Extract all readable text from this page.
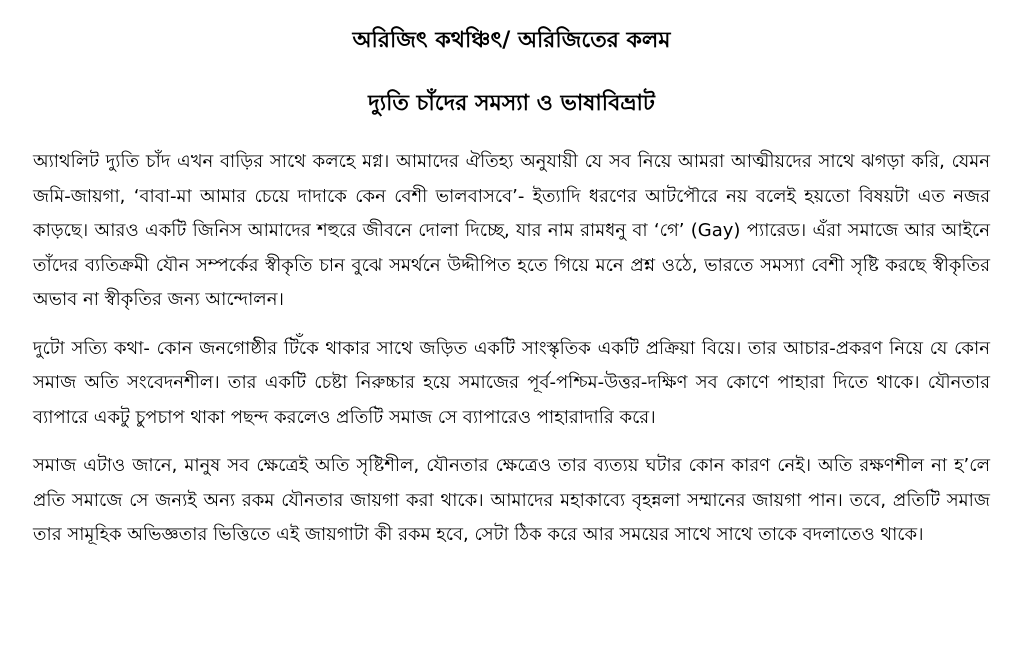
অরিজিৎ কথঞ্চিৎ/ অরিজিতের কলম
দ্যুতি চাঁদের সমস্যা ও ভাষাবিভ্রাট

অ্যাথলিট দ্যুতি চাঁদ এখন বাড়ির সাথে কলহে মগ্ন। আমাদের ঐতিহ্য অনুযায়ী যে সব নিয়ে আমরা আত্মীয়দের সাথে ঝগড়া করি, যেমন জমি-জায়গা, ‘বাবা-মা আমার চেয়ে দাদাকে কেন বেশী ভালবাসবে’- ইত্যাদি ধরণের আটপৌরে নয় বলেই হয়তো বিষয়টা এত নজর কাড়ছে। আরও একটি জিনিস আমাদের শহুরে জীবনে দোলা দিচ্ছে, যার নাম রামধনু বা ‘গে’ (Gay) প্যারেড। এঁরা সমাজে আর আইনে তাঁদের ব্যতিক্রমী যৌন সম্পর্কের স্বীকৃতি চান বুঝে সমর্থনে উদ্দীপিত হতে গিয়ে মনে প্রশ্ন ওঠে, ভারতে সমস্যা বেশী সৃষ্টি করছে স্বীকৃতির অভাব না স্বীকৃতির জন্য আন্দোলন।

দুটো সত্যি কথা- কোন জনগোষ্ঠীর টিঁকে থাকার সাথে জড়িত একটি সাংস্কৃতিক একটি প্রক্রিয়া বিয়ে। তার আচার-প্রকরণ নিয়ে যে কোন সমাজ অতি সংবেদনশীল। তার একটি চেষ্টা নিরুচ্চার হয়ে সমাজের পূর্ব-পশ্চিম-উত্তর-দক্ষিণ সব কোণে পাহারা দিতে থাকে। যৌনতার ব্যাপারে একটু চুপচাপ থাকা পছন্দ করলেও প্রতিটি সমাজ সে ব্যাপারেও পাহারাদারি করে।

সমাজ এটাও জানে, মানুষ সব ক্ষেত্রেই অতি সৃষ্টিশীল, যৌনতার ক্ষেত্রেও তার ব্যত্যয় ঘটার কোন কারণ নেই। অতি রক্ষণশীল না হ’লে প্রতি সমাজে সে জন্যই অন্য রকম যৌনতার জায়গা করা থাকে। আমাদের মহাকাব্যে বৃহন্নলা সম্মানের জায়গা পান। তবে, প্রতিটি সমাজ তার সামূহিক অভিজ্ঞতার ভিত্তিতে এই জায়গাটা কী রকম হবে, সেটা ঠিক করে আর সময়ের সাথে সাথে তাকে বদলাতেও থাকে।
